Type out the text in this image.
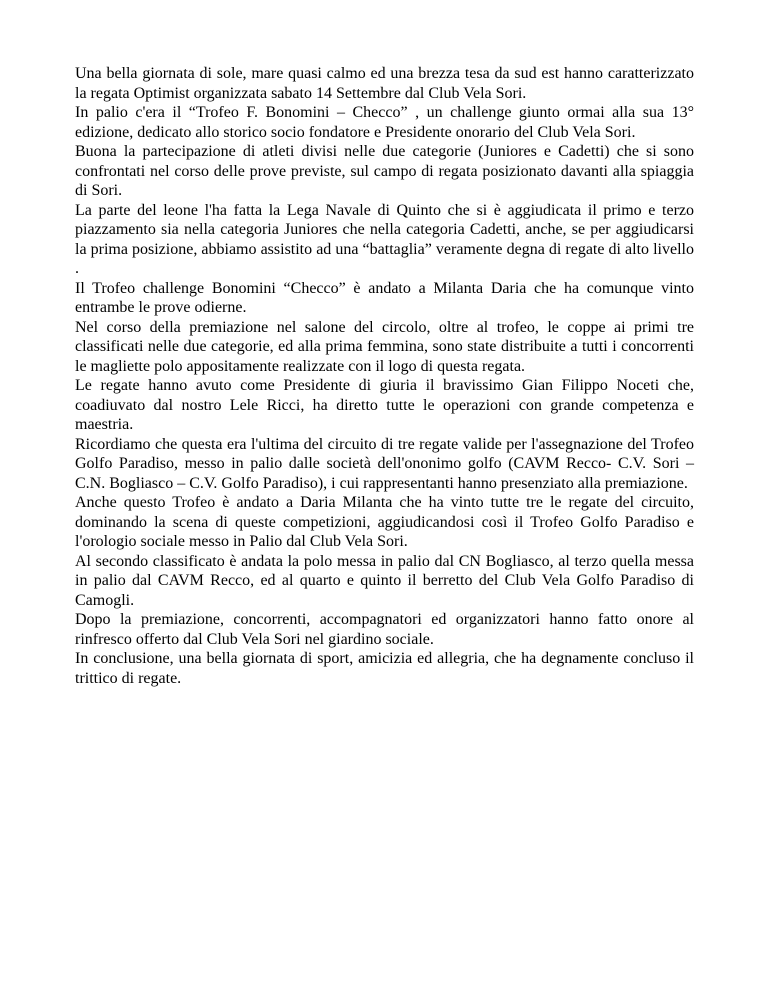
Una bella giornata di sole, mare quasi calmo ed una brezza tesa da sud est hanno caratterizzato la regata Optimist organizzata sabato 14 Settembre dal Club Vela Sori.

In palio c'era il “Trofeo F. Bonomini – Checco” , un challenge giunto ormai alla sua 13° edizione, dedicato allo storico socio fondatore e Presidente onorario del Club Vela Sori.

Buona la partecipazione di atleti divisi nelle due categorie (Juniores e Cadetti) che si sono confrontati nel corso delle prove previste, sul campo di regata posizionato davanti alla spiaggia di Sori.

La parte del leone l'ha fatta la Lega Navale di Quinto che si è aggiudicata il primo e terzo piazzamento sia nella categoria Juniores che nella categoria Cadetti, anche, se per aggiudicarsi la prima posizione, abbiamo assistito ad una “battaglia” veramente degna di regate di alto livello .

Il Trofeo challenge Bonomini “Checco” è andato a Milanta Daria che ha comunque vinto entrambe le prove odierne.

Nel corso della premiazione nel salone del circolo, oltre al trofeo, le coppe ai primi tre classificati nelle due categorie, ed alla prima femmina, sono state distribuite a tutti i concorrenti le magliette polo appositamente realizzate con il logo di questa regata.

Le regate hanno avuto come Presidente di giuria il bravissimo Gian Filippo Noceti che, coadiuvato dal nostro Lele Ricci, ha diretto tutte le operazioni con grande competenza e maestria.

Ricordiamo che questa era l'ultima del circuito di tre regate valide per l'assegnazione del Trofeo Golfo Paradiso, messo in palio dalle società dell'ononimo golfo (CAVM Recco- C.V. Sori – C.N. Bogliasco – C.V. Golfo Paradiso), i cui rappresentanti hanno presenziato alla premiazione.

Anche questo Trofeo è andato a Daria Milanta che ha vinto tutte tre le regate del circuito, dominando la scena di queste competizioni, aggiudicandosi così il Trofeo Golfo Paradiso e l'orologio sociale messo in Palio dal Club Vela Sori.

Al secondo classificato è andata la polo messa in palio dal CN Bogliasco, al terzo quella messa in palio dal CAVM Recco, ed al quarto e quinto il berretto del Club Vela Golfo Paradiso di Camogli.

Dopo la premiazione, concorrenti, accompagnatori ed organizzatori hanno fatto onore al rinfresco offerto dal Club Vela Sori nel giardino sociale.

In conclusione, una bella giornata di sport, amicizia ed allegria, che ha degnamente concluso il trittico di regate.
